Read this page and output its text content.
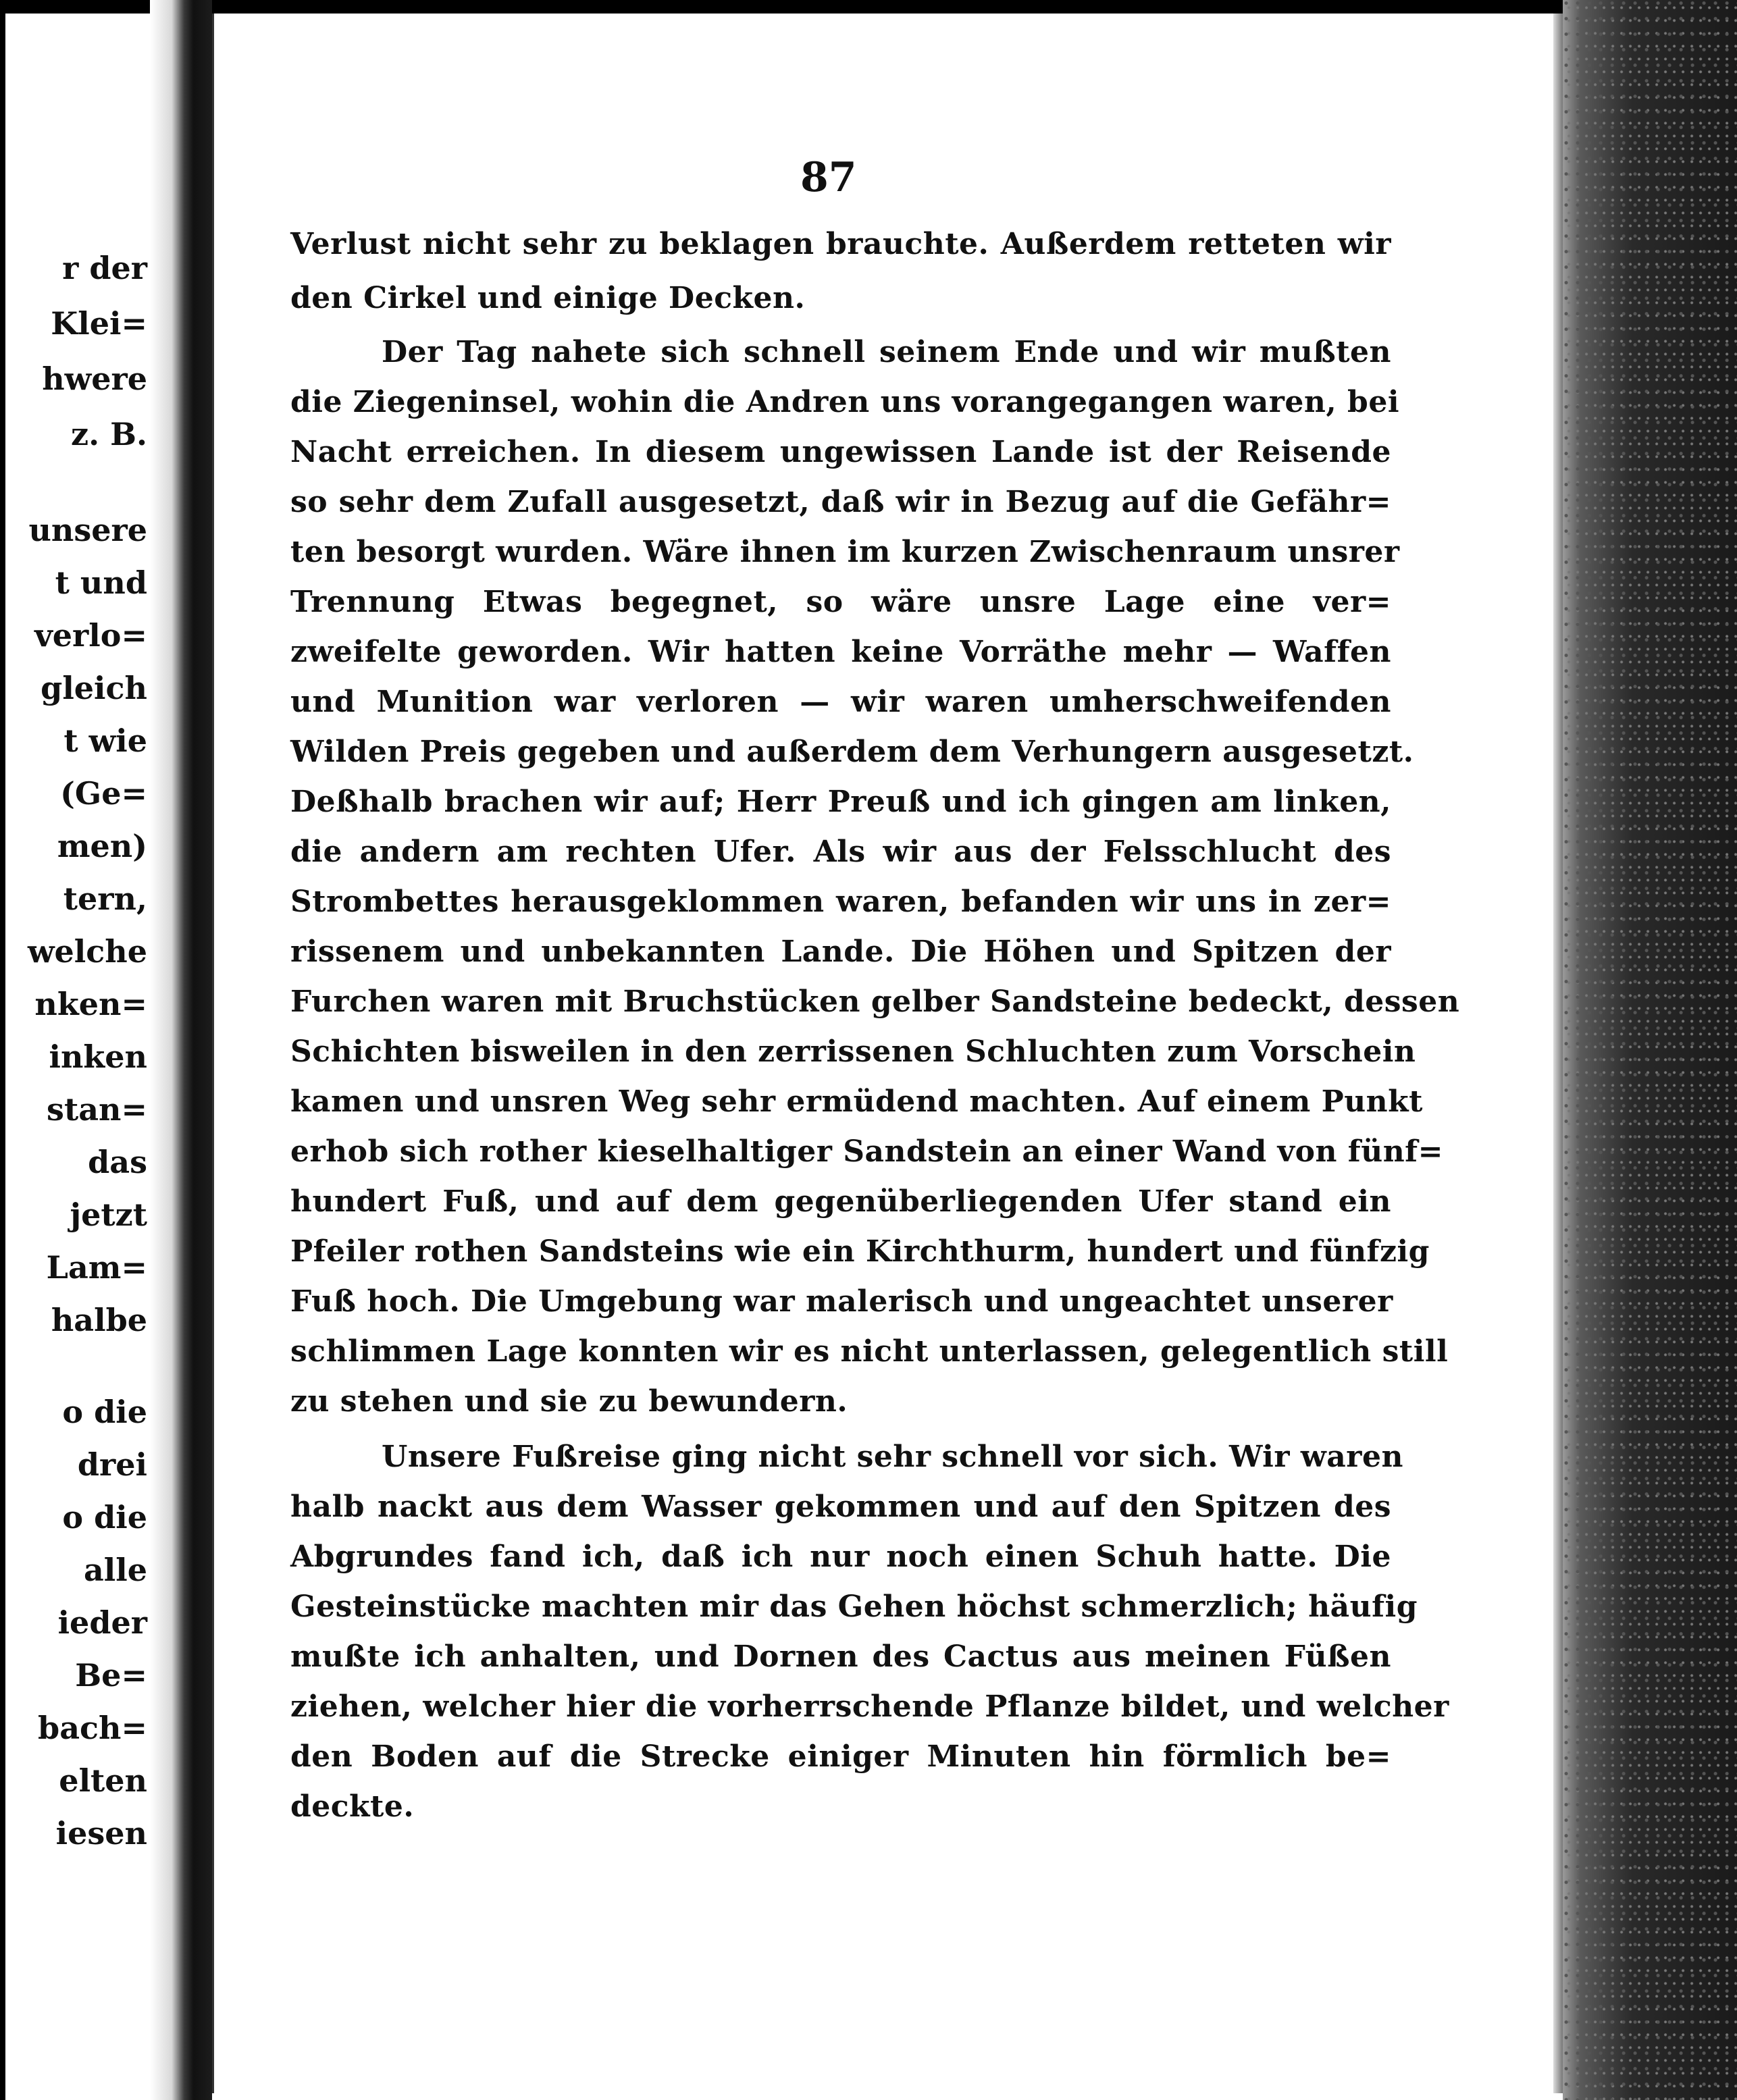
r der
Klei=
hwere
z. B.
unsere
t und
verlo=
gleich
t wie
(Ge=
men)
tern,
welche
nken=
inken
stan=
das
jetzt
Lam=
halbe
o die
drei
o die
alle
ieder
Be=
bach=
elten
iesen
87
Verlust nicht sehr zu beklagen brauchte. Außerdem retteten wir
den Cirkel und einige Decken.
Der Tag nahete sich schnell seinem Ende und wir mußten
die Ziegeninsel, wohin die Andren uns vorangegangen waren, bei
Nacht erreichen. In diesem ungewissen Lande ist der Reisende
so sehr dem Zufall ausgesetzt, daß wir in Bezug auf die Gefähr=
ten besorgt wurden. Wäre ihnen im kurzen Zwischenraum unsrer
Trennung Etwas begegnet, so wäre unsre Lage eine ver=
zweifelte geworden. Wir hatten keine Vorräthe mehr — Waffen
und Munition war verloren — wir waren umherschweifenden
Wilden Preis gegeben und außerdem dem Verhungern ausgesetzt.
Deßhalb brachen wir auf; Herr Preuß und ich gingen am linken,
die andern am rechten Ufer. Als wir aus der Felsschlucht des
Strombettes herausgeklommen waren, befanden wir uns in zer=
rissenem und unbekannten Lande. Die Höhen und Spitzen der
Furchen waren mit Bruchstücken gelber Sandsteine bedeckt, dessen
Schichten bisweilen in den zerrissenen Schluchten zum Vorschein
kamen und unsren Weg sehr ermüdend machten. Auf einem Punkt
erhob sich rother kieselhaltiger Sandstein an einer Wand von fünf=
hundert Fuß, und auf dem gegenüberliegenden Ufer stand ein
Pfeiler rothen Sandsteins wie ein Kirchthurm, hundert und fünfzig
Fuß hoch. Die Umgebung war malerisch und ungeachtet unserer
schlimmen Lage konnten wir es nicht unterlassen, gelegentlich still
zu stehen und sie zu bewundern.
Unsere Fußreise ging nicht sehr schnell vor sich. Wir waren
halb nackt aus dem Wasser gekommen und auf den Spitzen des
Abgrundes fand ich, daß ich nur noch einen Schuh hatte. Die
Gesteinstücke machten mir das Gehen höchst schmerzlich; häufig
mußte ich anhalten, und Dornen des Cactus aus meinen Füßen
ziehen, welcher hier die vorherrschende Pflanze bildet, und welcher
den Boden auf die Strecke einiger Minuten hin förmlich be=
deckte.
